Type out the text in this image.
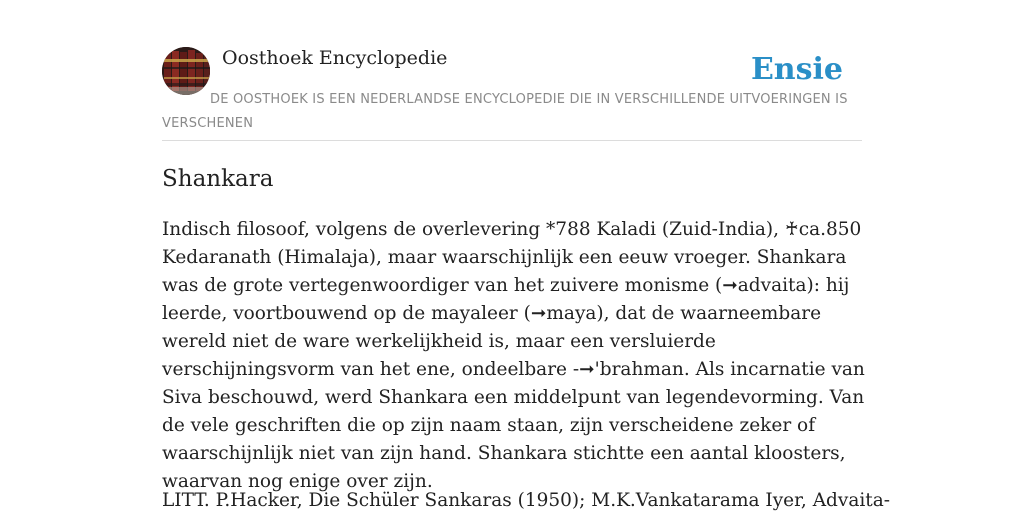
Oosthoek Encyclopedie	Ensie
DE OOSTHOEK IS EEN NEDERLANDSE ENCYCLOPEDIE DIE IN VERSCHILLENDE UITVOERINGEN IS VERSCHENEN
Shankara

Indisch filosoof, volgens de overlevering *788 Kaladi (Zuid-India), ♰ca.850 Kedaranath (Himalaja), maar waarschijnlijk een eeuw vroeger. Shankara was de grote vertegenwoordiger van het zuivere monisme (➞advaita): hij leerde, voortbouwend op de mayaleer (➞maya), dat de waarneembare wereld niet de ware werkelijkheid is, maar een versluierde verschijningsvorm van het ene, ondeelbare -➞'brahman. Als incarnatie van Siva beschouwd, werd Shankara een middelpunt van legendevorming. Van de vele geschriften die op zijn naam staan, zijn verscheidene zeker of waarschijnlijk niet van zijn hand. Shankara stichtte een aantal kloosters, waarvan nog enige over zijn.

LITT. P.Hacker, Die Schüler Sankaras (1950); M.K.Vankatarama Iyer, Advaita-
